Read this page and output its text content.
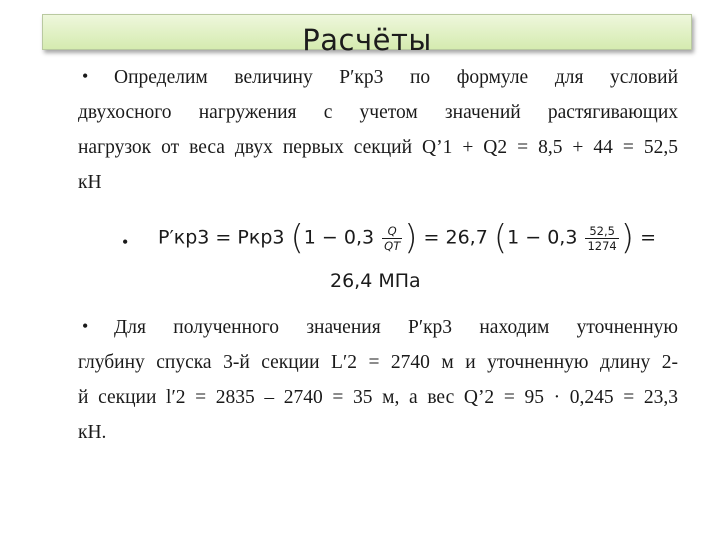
Расчёты
•	Определим величину P′кр3 по формуле для условий
двухосного нагружения с учетом значений растягивающих
нагрузок от веса двух первых секций Q’1 + Q2 = 8,5 + 44 = 52,5
кН
• P′кр3 = Pкр3 ($1 - 0,3 \frac{Q}{QТ}$ ) = 26,7 ($1 - 0,3 \frac{52,5}{1274}$ ) =
26,4 МПа
•	Для полученного значения P′кр3 находим уточненную
глубину спуска 3-й секции L′2 = 2740 м и уточненную длину 2-
й секции l′2 = 2835 – 2740 = 35 м, а вес Q’2 = 95 · 0,245 = 23,3
кН.
